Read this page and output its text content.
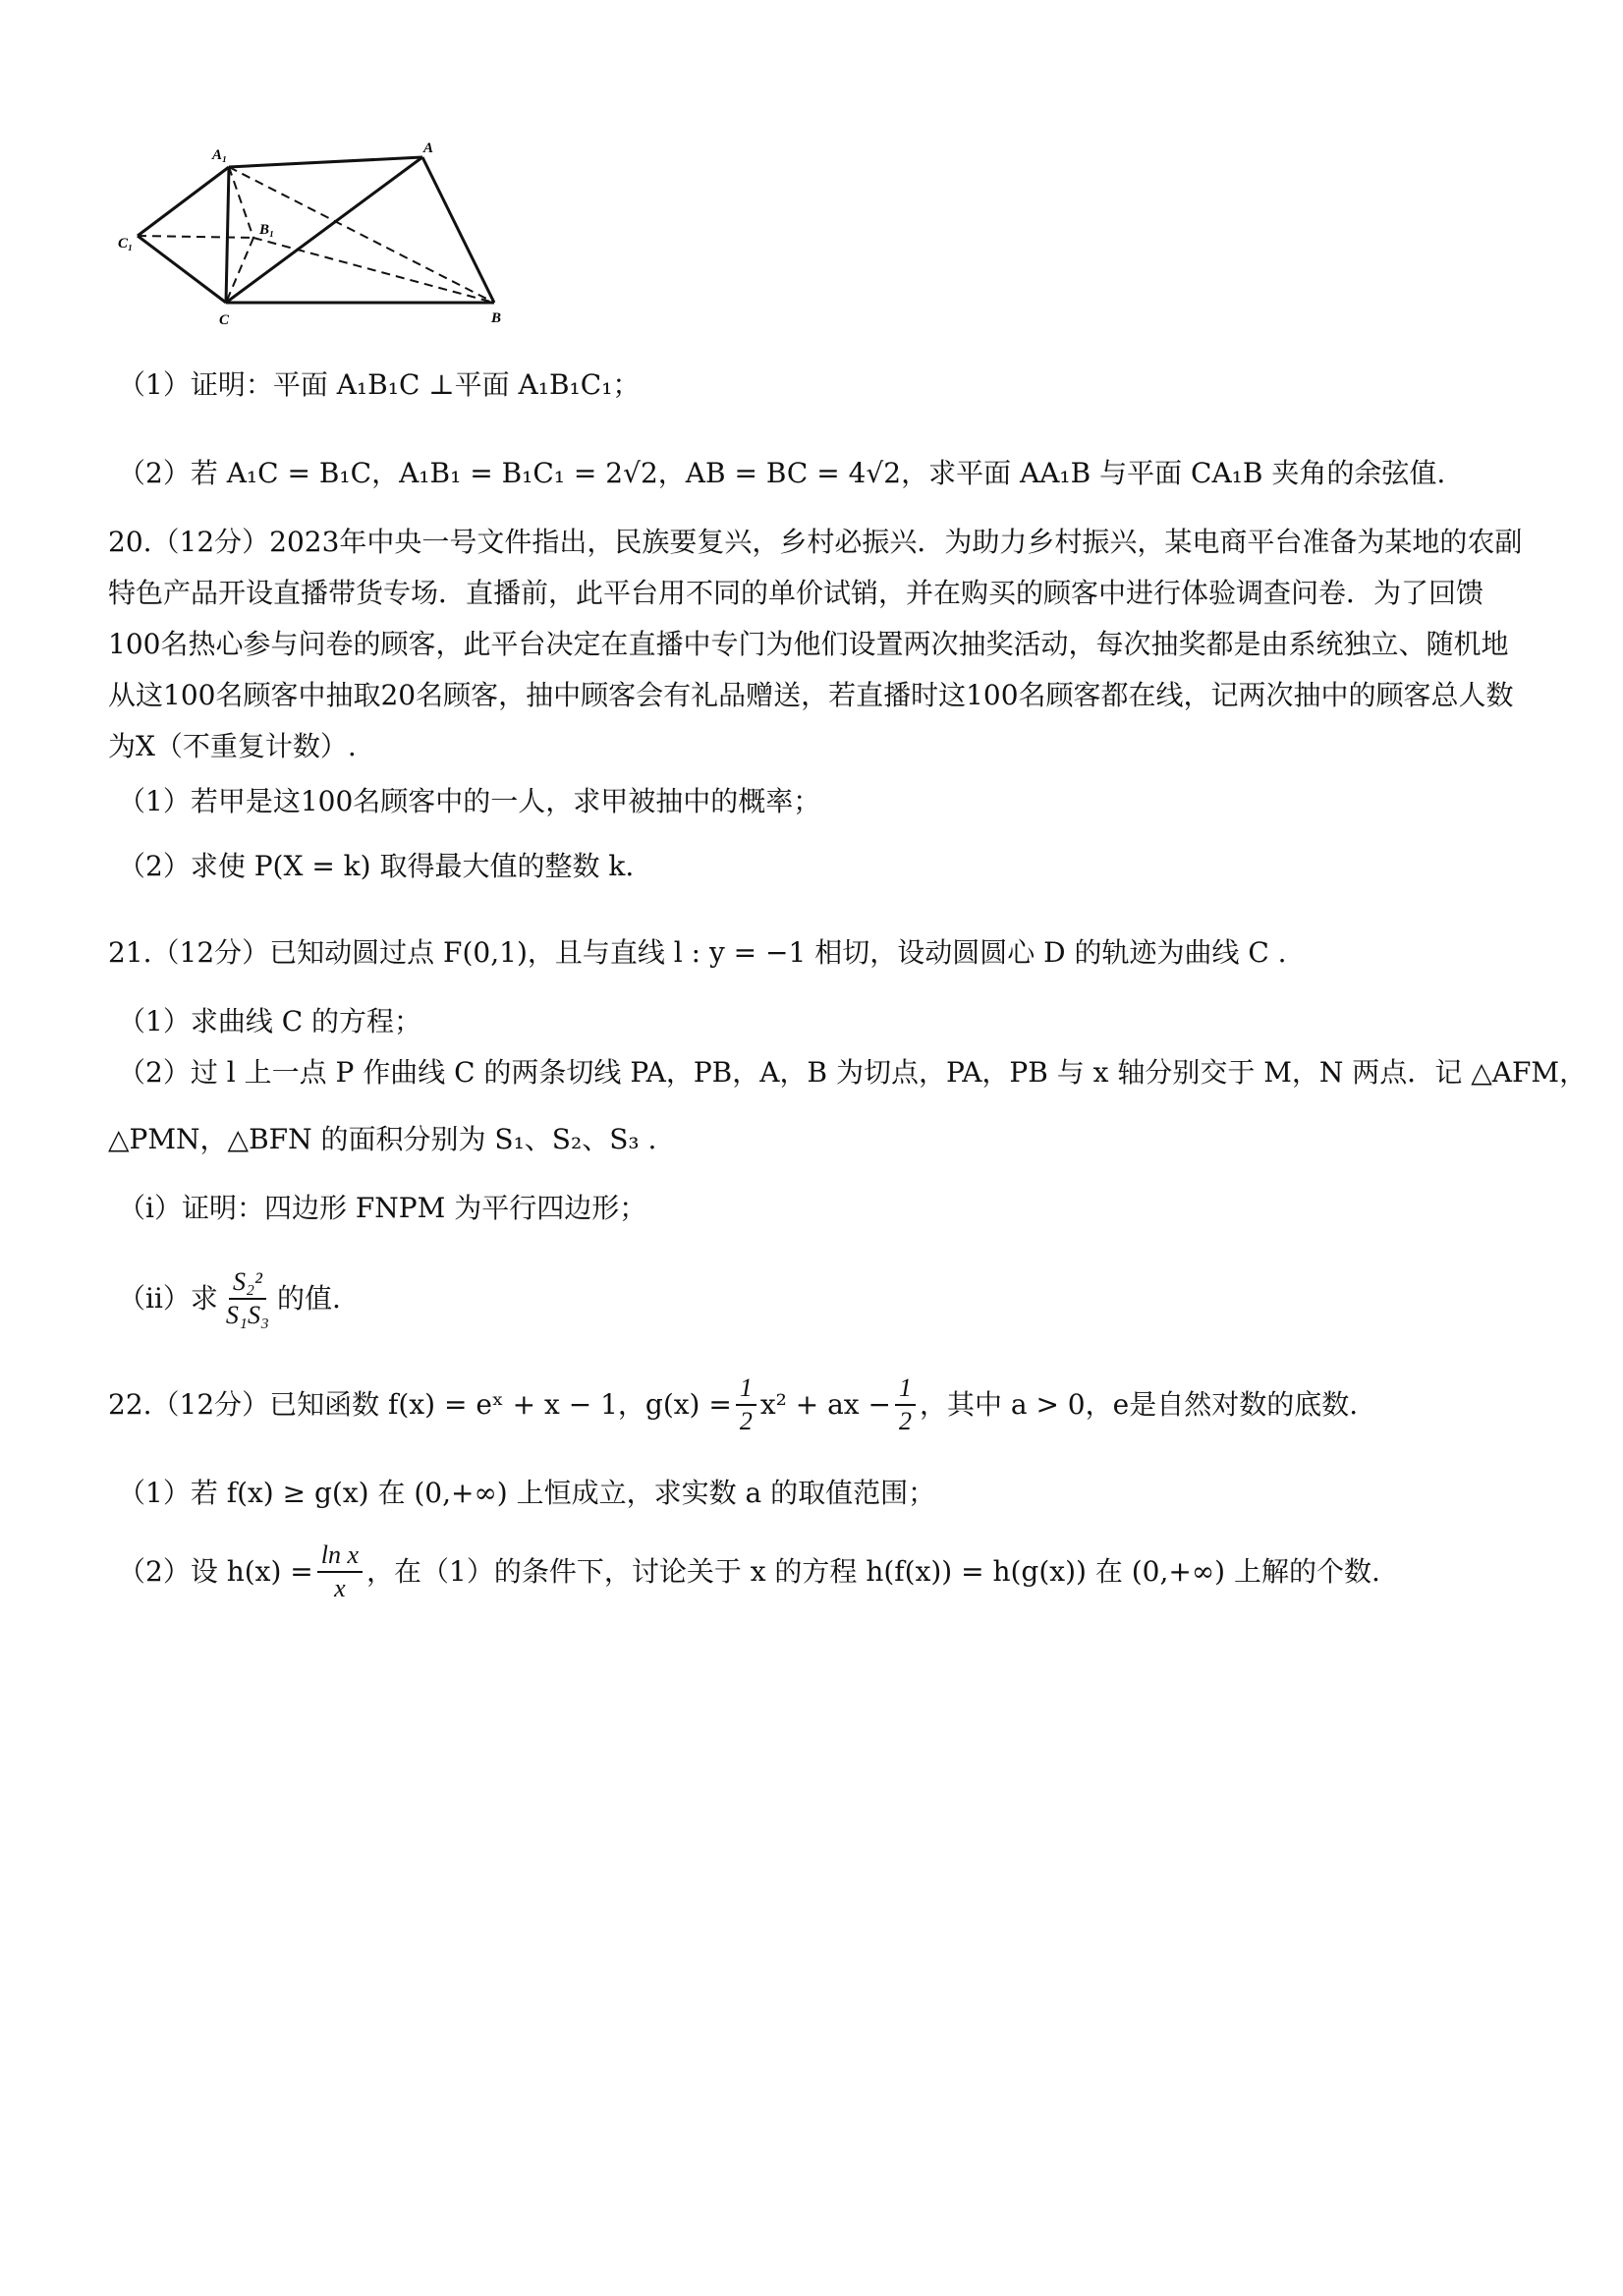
A₁	A
B₁
C₁
C	B
（1）证明：平面 A₁B₁C ⊥平面 A₁B₁C₁；
（2）若 A₁C = B₁C，A₁B₁ = B₁C₁ = 2√2，AB = BC = 4√2，求平面 AA₁B 与平面 CA₁B 夹角的余弦值.
20.（12分）2023年中央一号文件指出，民族要复兴，乡村必振兴．为助力乡村振兴，某电商平台准备为某地的农副特色产品开设直播带货专场．直播前，此平台用不同的单价试销，并在购买的顾客中进行体验调查问卷．为了回馈100名热心参与问卷的顾客，此平台决定在直播中专门为他们设置两次抽奖活动，每次抽奖都是由系统独立、随机地从这100名顾客中抽取20名顾客，抽中顾客会有礼品赠送，若直播时这100名顾客都在线，记两次抽中的顾客总人数为X（不重复计数）.
（1）若甲是这100名顾客中的一人，求甲被抽中的概率；
（2）求使 P(X = k) 取得最大值的整数 k.
21.（12分）已知动圆过点 F(0,1)，且与直线 l : y = −1 相切，设动圆圆心 D 的轨迹为曲线 C .
（1）求曲线 C 的方程；
（2）过 l 上一点 P 作曲线 C 的两条切线 PA，PB，A，B 为切点，PA，PB 与 x 轴分别交于 M，N 两点．记 △AFM，
△PMN，△BFN 的面积分别为 S₁、S₂、S₃ .
（ⅰ）证明：四边形 FNPM 为平行四边形；
（ⅱ）求 $\frac{\text{S₂²}}{\text{S₁S₃}}$ 的值.
22.（12分）已知函数 f(x) = eˣ + x − 1，$g(x) = \frac{1}{2} x^2$ + ax − $\frac{1}{2}$ ，其中 a > 0，e是自然对数的底数.
（1）若 f(x) ≥ g(x) 在 (0,+∞) 上恒成立，求实数 a 的取值范围；
（2）设 $h(x) = \frac{\text{ln x}}{x}$ ，在（1）的条件下，讨论关于 x 的方程 h(f(x)) = h(g(x)) 在 (0,+∞) 上解的个数.
